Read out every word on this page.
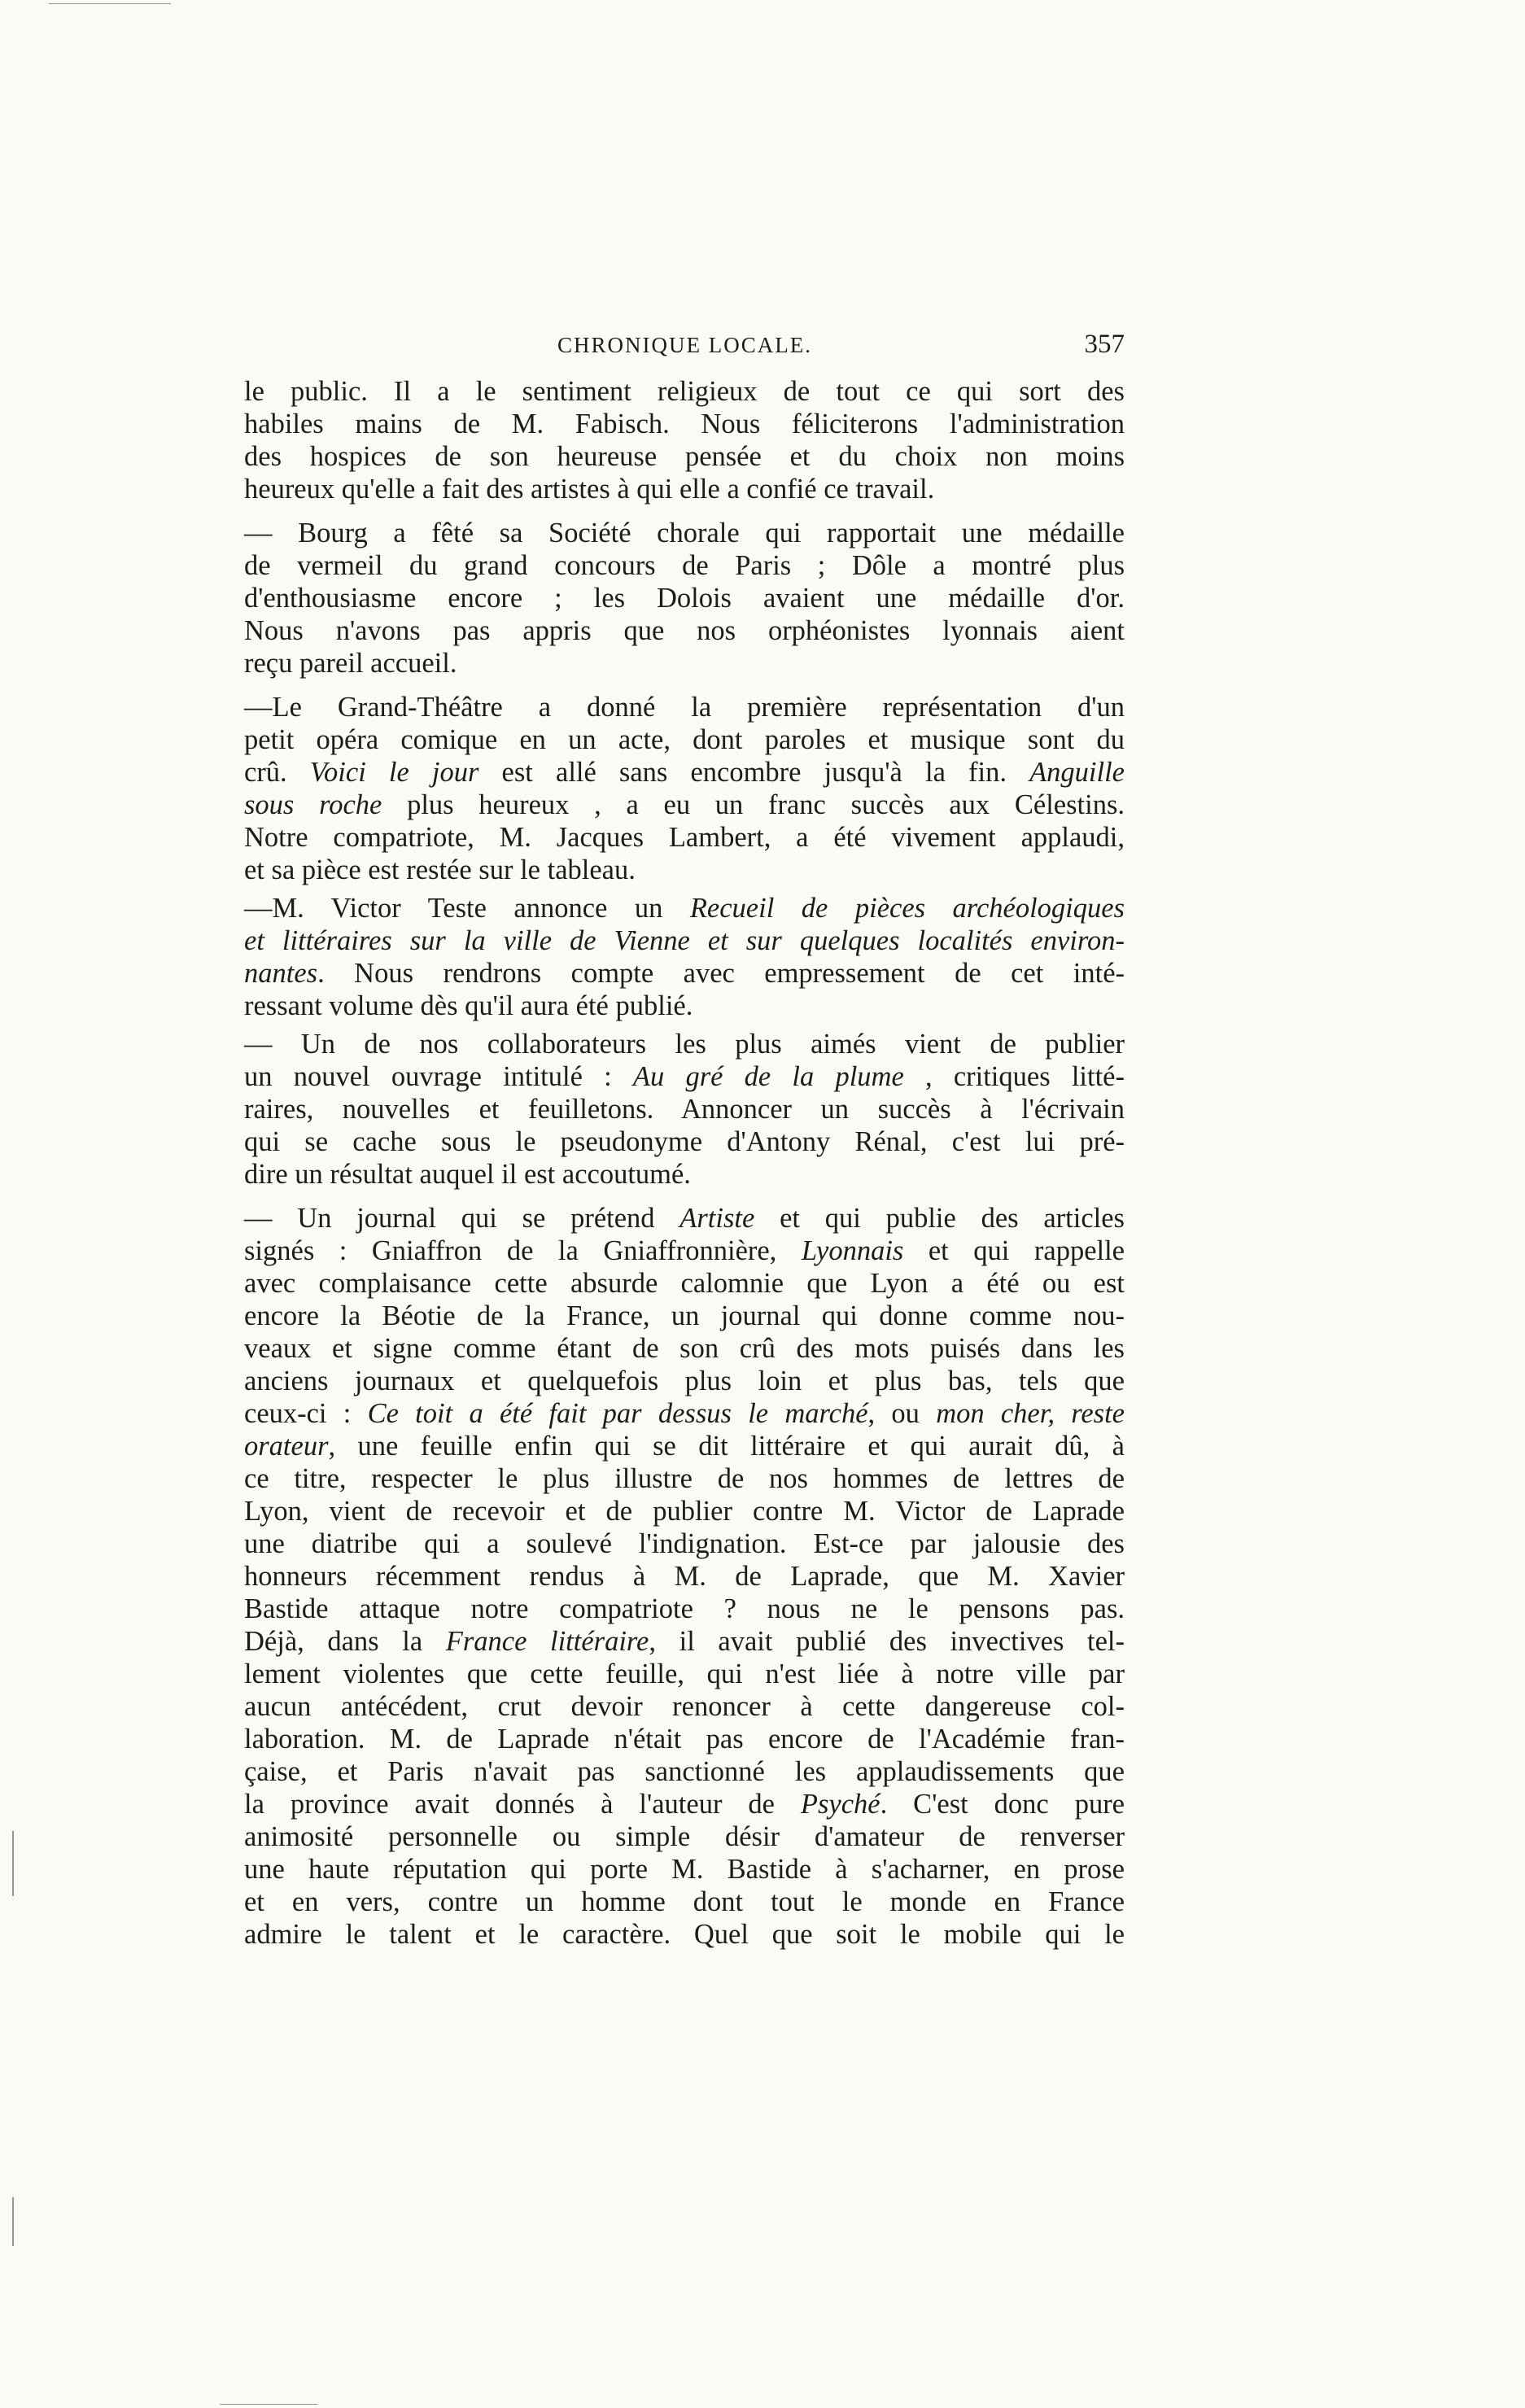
CHRONIQUE LOCALE.	357

le public. Il a le sentiment religieux de tout ce qui sort des
habiles mains de M. Fabisch. Nous féliciterons l'administration
des hospices de son heureuse pensée et du choix non moins
heureux qu'elle a fait des artistes à qui elle a confié ce travail.

— Bourg a fêté sa Société chorale qui rapportait une médaille
de vermeil du grand concours de Paris ; Dôle a montré plus
d'enthousiasme encore ; les Dolois avaient une médaille d'or.
Nous n'avons pas appris que nos orphéonistes lyonnais aient
reçu pareil accueil.

—Le Grand-Théâtre a donné la première représentation d'un
petit opéra comique en un acte, dont paroles et musique sont du
crû. Voici le jour est allé sans encombre jusqu'à la fin. Anguille
sous roche plus heureux , a eu un franc succès aux Célestins.
Notre compatriote, M. Jacques Lambert, a été vivement applaudi,
et sa pièce est restée sur le tableau.

—M. Victor Teste annonce un Recueil de pièces archéologiques
et littéraires sur la ville de Vienne et sur quelques localités environ-
nantes. Nous rendrons compte avec empressement de cet inté-
ressant volume dès qu'il aura été publié.

— Un de nos collaborateurs les plus aimés vient de publier
un nouvel ouvrage intitulé : Au gré de la plume , critiques litté-
raires, nouvelles et feuilletons. Annoncer un succès à l'écrivain
qui se cache sous le pseudonyme d'Antony Rénal, c'est lui pré-
dire un résultat auquel il est accoutumé.

— Un journal qui se prétend Artiste et qui publie des articles
signés : Gniaffron de la Gniaffronnière, Lyonnais et qui rappelle
avec complaisance cette absurde calomnie que Lyon a été ou est
encore la Béotie de la France, un journal qui donne comme nou-
veaux et signe comme étant de son crû des mots puisés dans les
anciens journaux et quelquefois plus loin et plus bas, tels que
ceux-ci : Ce toit a été fait par dessus le marché, ou mon cher, reste
orateur, une feuille enfin qui se dit littéraire et qui aurait dû, à
ce titre, respecter le plus illustre de nos hommes de lettres de
Lyon, vient de recevoir et de publier contre M. Victor de Laprade
une diatribe qui a soulevé l'indignation. Est-ce par jalousie des
honneurs récemment rendus à M. de Laprade, que M. Xavier
Bastide attaque notre compatriote ? nous ne le pensons pas.
Déjà, dans la France littéraire, il avait publié des invectives tel-
lement violentes que cette feuille, qui n'est liée à notre ville par
aucun antécédent, crut devoir renoncer à cette dangereuse col-
laboration. M. de Laprade n'était pas encore de l'Académie fran-
çaise, et Paris n'avait pas sanctionné les applaudissements que
la province avait donnés à l'auteur de Psyché. C'est donc pure
animosité personnelle ou simple désir d'amateur de renverser
une haute réputation qui porte M. Bastide à s'acharner, en prose
et en vers, contre un homme dont tout le monde en France
admire le talent et le caractère. Quel que soit le mobile qui le
